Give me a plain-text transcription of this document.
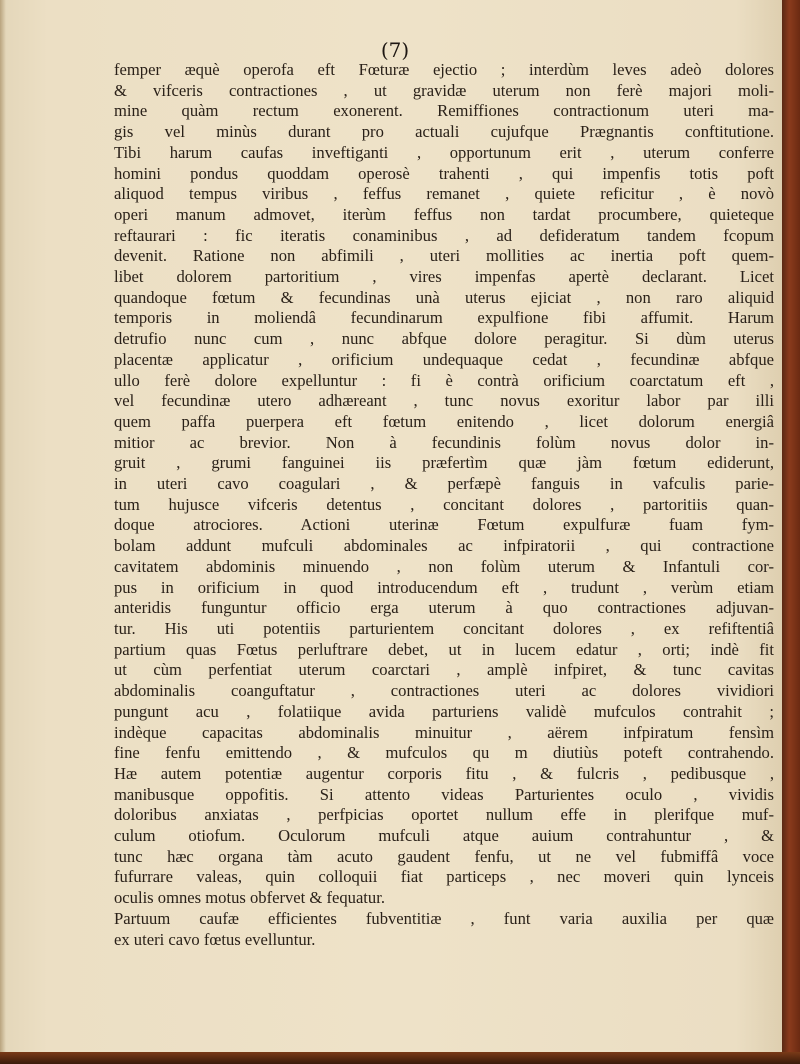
(7)
femper æquè operofa eft Fœturæ ejectio ; interdùm leves adeò dolores
& vifceris contractiones , ut gravidæ uterum non ferè majori moli-
mine quàm rectum exonerent. Remiffiones contractionum uteri ma-
gis vel minùs durant pro actuali cujufque Prægnantis conftitutione.
Tibi harum caufas inveftiganti , opportunum erit , uterum conferre
homini pondus quoddam operosè trahenti , qui impenfis totis poft
aliquod tempus viribus , feffus remanet , quiete reficitur , è novò
operi manum admovet, iterùm feffus non tardat procumbere, quieteque
reftaurari : fic iteratis conaminibus , ad defideratum tandem fcopum
devenit. Ratione non abfimili , uteri mollities ac inertia poft quem-
libet dolorem partoritium , vires impenfas apertè declarant. Licet
quandoque fœtum & fecundinas unà uterus ejiciat , non raro aliquid
temporis in moliendâ fecundinarum expulfione fibi affumit. Harum
detrufio nunc cum , nunc abfque dolore peragitur. Si dùm uterus
placentæ applicatur , orificium undequaque cedat , fecundinæ abfque
ullo ferè dolore expelluntur : fi è contrà orificium coarctatum eft ,
vel fecundinæ utero adhæreant , tunc novus exoritur labor par illi
quem paffa puerpera eft fœtum enitendo , licet dolorum energiâ
mitior ac brevior. Non à fecundinis folùm novus dolor in-
gruit , grumi fanguinei iis præfertìm quæ jàm fœtum ediderunt,
in uteri cavo coagulari , & perfæpè fanguis in vafculis parie-
tum hujusce vifceris detentus , concitant dolores , partoritiis quan-
doque atrociores. Actioni uterinæ Fœtum expulfuræ fuam fym-
bolam addunt mufculi abdominales ac infpiratorii , qui contractione
cavitatem abdominis minuendo , non folùm uterum & Infantuli cor-
pus in orificium in quod introducendum eft , trudunt , verùm etiam
anteridis funguntur officio erga uterum à quo contractiones adjuvan-
tur. His uti potentiis parturientem concitant dolores , ex refiftentiâ
partium quas Fœtus perluftrare debet, ut in lucem edatur , orti; indè fit
ut cùm perfentiat uterum coarctari , amplè infpiret, & tunc cavitas
abdominalis coanguftatur , contractiones uteri ac dolores vividiori
pungunt acu , folatiique avida parturiens validè mufculos contrahit ;
indèque capacitas abdominalis minuitur , aërem infpiratum fensìm
fine fenfu emittendo , & mufculos qu m diutiùs poteft contrahendo.
Hæ autem potentiæ augentur corporis fitu , & fulcris , pedibusque ,
manibusque oppofitis. Si attento videas Parturientes oculo , vividis
doloribus anxiatas , perfpicias oportet nullum effe in plerifque muf-
culum otiofum. Oculorum mufculi atque auium contrahuntur , &
tunc hæc organa tàm acuto gaudent fenfu, ut ne vel fubmiffâ voce
fufurrare valeas, quin colloquii fiat particeps , nec moveri quin lynceis
oculis omnes motus obfervet & fequatur.
Partuum caufæ efficientes fubventitiæ , funt varia auxilia per quæ
ex uteri cavo fœtus evelluntur.
